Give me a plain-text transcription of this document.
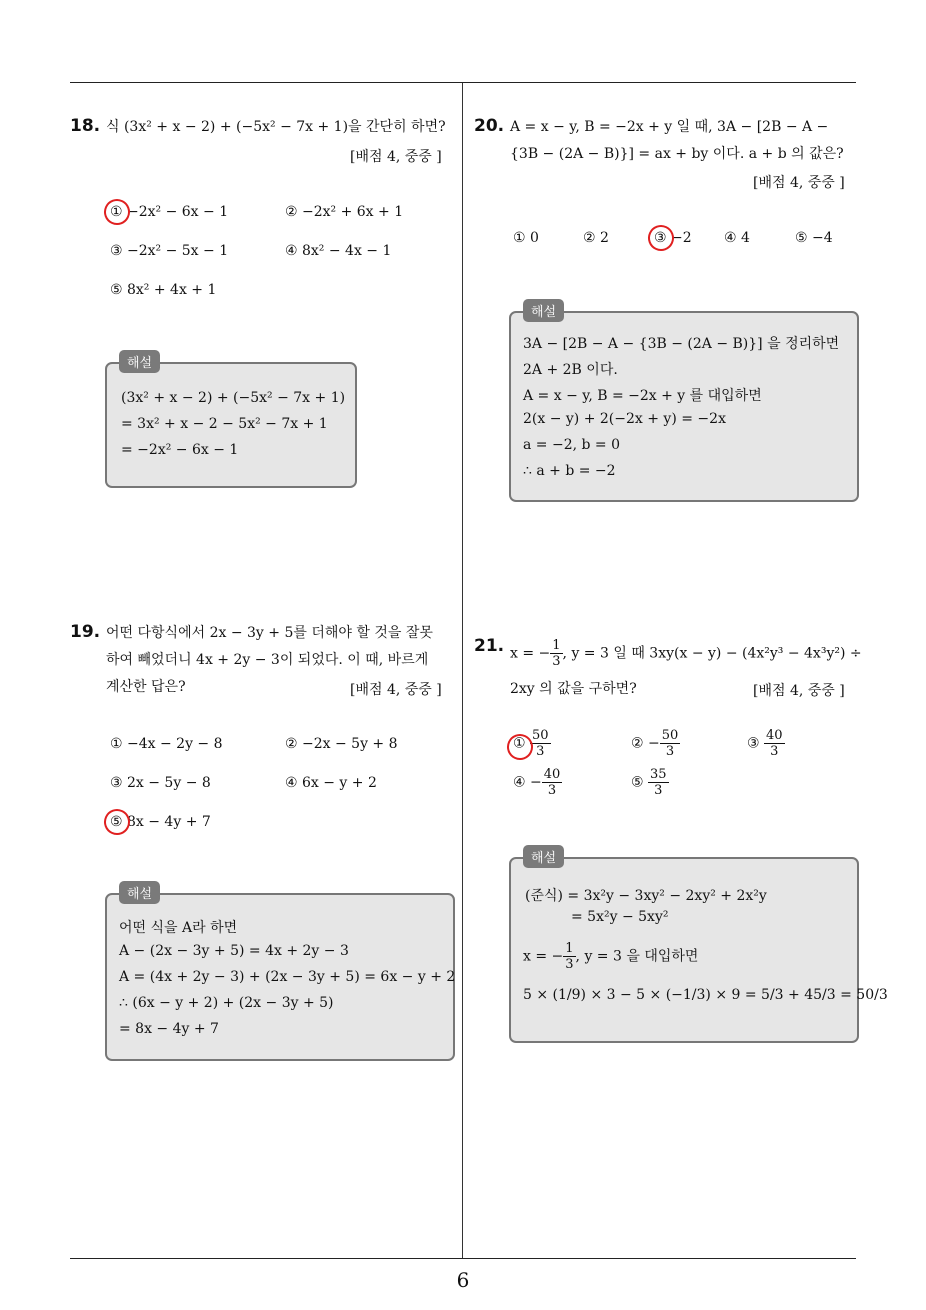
6
18. 식 (3x² + x − 2) + (−5x² − 7x + 1)을 간단히 하면?
[배점 4, 중중 ]
① −2x² − 6x − 1	② −2x² + 6x + 1
③ −2x² − 5x − 1	④ 8x² − 4x − 1
⑤ 8x² + 4x + 1
(3x² + x − 2) + (−5x² − 7x + 1)
= 3x² + x − 2 − 5x² − 7x + 1
= −2x² − 6x − 1
해설
19. 어떤 다항식에서 2x − 3y + 5를 더해야 할 것을 잘못
하여 빼었더니 4x + 2y − 3이 되었다. 이 때, 바르게
계산한 답은?	[배점 4, 중중 ]
① −4x − 2y − 8	② −2x − 5y + 8
③ 2x − 5y − 8	④ 6x − y + 2
⑤ 8x − 4y + 7
어떤 식을 A라 하면
A − (2x − 3y + 5) = 4x + 2y − 3
A = (4x + 2y − 3) + (2x − 3y + 5) = 6x − y + 2
∴ (6x − y + 2) + (2x − 3y + 5)
= 8x − 4y + 7
해설
20. A = x − y, B = −2x + y 일 때, 3A − [2B − A −
{3B − (2A − B)}] = ax + by 이다. a + b 의 값은?
[배점 4, 중중 ]
① 0	② 2	③ −2 ④ 4	⑤ −4
3A − [2B − A − {3B − (2A − B)}] 을 정리하면
2A + 2B 이다.
A = x − y, B = −2x + y 를 대입하면
2(x − y) + 2(−2x + y) = −2x
a = −2, b = 0
∴ a + b = −2
해설
21. x = − $\frac{1}{3}$ , y = 3 일 때 3xy(x − y) − (4x²y³ − 4x³y²) ÷
2xy 의 값을 구하면?	[배점 4, 중중 ]
① $\frac{50}{3}$	② − $\frac{50}{3}$	③ $\frac{40}{3}$
④ − $\frac{40}{3}$	⑤ $\frac{35}{3}$
(준식) = 3x²y − 3xy² − 2xy² + 2x²y
= 5x²y − 5xy²
x = − $\frac{1}{3}$ , y = 3 을 대입하면
5 × (1/9) × 3 − 5 × (−1/3) × 9 = 5/3 + 45/3 = 50/3
해설
